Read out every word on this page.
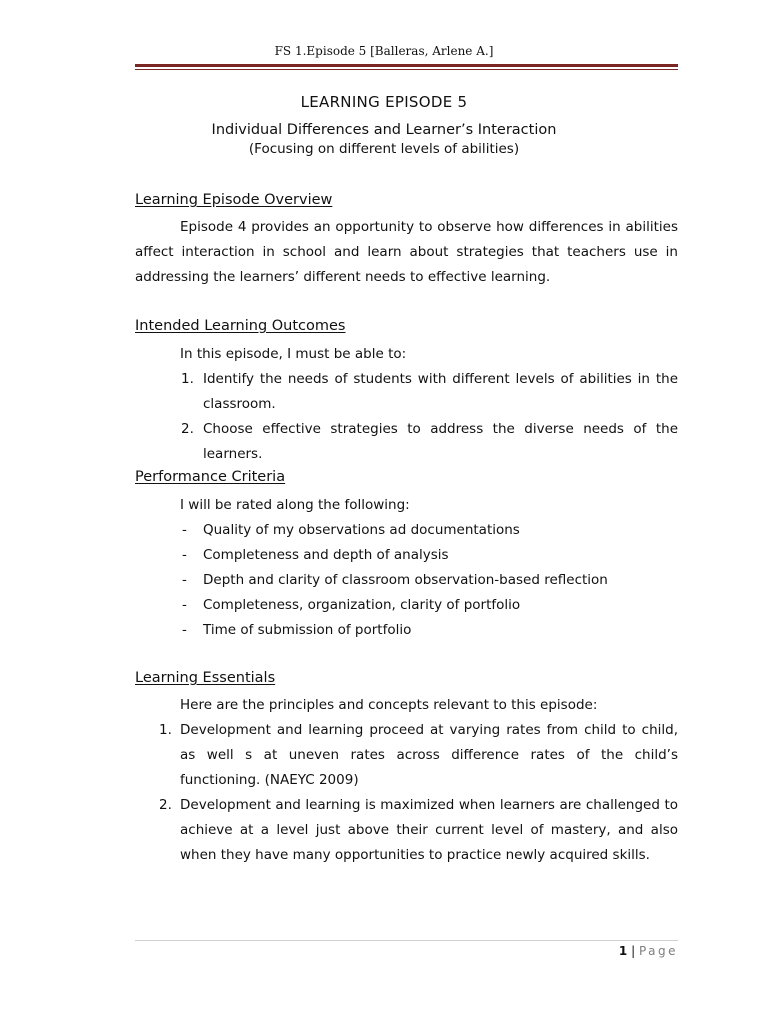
FS 1.Episode 5 [Balleras, Arlene A.]
LEARNING EPISODE 5
Individual Differences and Learner’s Interaction
(Focusing on different levels of abilities)
Learning Episode Overview
Episode 4 provides an opportunity to observe how differences in abilities affect interaction in school and learn about strategies that teachers use in addressing the learners’ different needs to effective learning.
Intended Learning Outcomes
In this episode, I must be able to:
1. Identify the needs of students with different levels of abilities in the classroom.
2. Choose effective strategies to address the diverse needs of the learners.
Performance Criteria
I will be rated along the following:
- Quality of my observations ad documentations
- Completeness and depth of analysis
- Depth and clarity of classroom observation-based reflection
- Completeness, organization, clarity of portfolio
- Time of submission of portfolio
Learning Essentials
Here are the principles and concepts relevant to this episode:
1. Development and learning proceed at varying rates from child to child, as well s at uneven rates across difference rates of the child’s functioning. (NAEYC 2009)
2. Development and learning is maximized when learners are challenged to achieve at a level just above their current level of mastery, and also when they have many opportunities to practice newly acquired skills.
1 | Page
